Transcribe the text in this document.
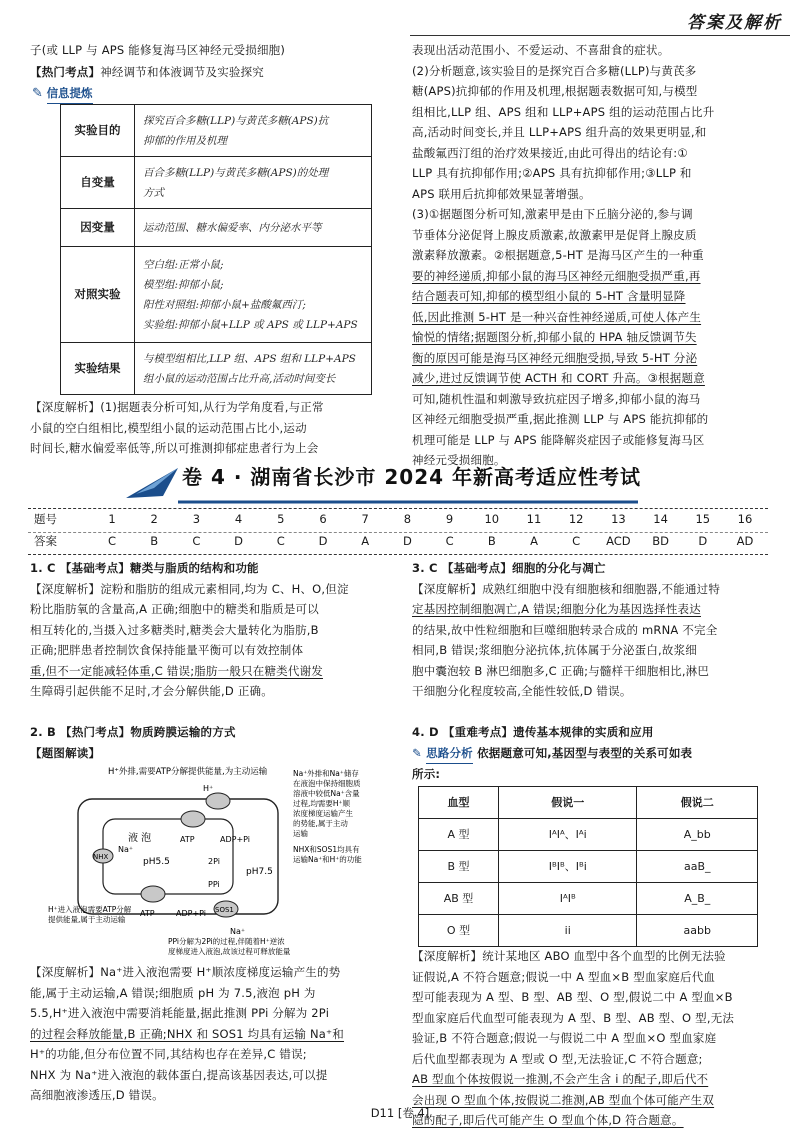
答案及解析
子(或 LLP 与 APS 能修复海马区神经元受损细胞)
【热门考点】神经调节和体液调节及实验探究
✎ 信息提炼
实验目的	探究百合多糖(LLP)与黄芪多糖(APS)抗
抑郁的作用及机理
自变量	百合多糖(LLP)与黄芪多糖(APS)的处理
方式
因变量	运动范围、糖水偏爱率、内分泌水平等
对照实验	空白组:正常小鼠;
模型组:抑郁小鼠;
阳性对照组:抑郁小鼠+盐酸氟西汀;
实验组:抑郁小鼠+LLP 或 APS 或 LLP+APS
实验结果	与模型组相比,LLP 组、APS 组和 LLP+APS
组小鼠的运动范围占比升高,活动时间变长
【深度解析】(1)据题表分析可知,从行为学角度看,与正常
小鼠的空白组相比,模型组小鼠的运动范围占比小,运动
时间长,糖水偏爱率低等,所以可推测抑郁症患者行为上会
表现出活动范围小、不爱运动、不喜甜食的症状。
(2)分析题意,该实验目的是探究百合多糖(LLP)与黄芪多
糖(APS)抗抑郁的作用及机理,根据题表数据可知,与模型
组相比,LLP 组、APS 组和 LLP+APS 组的运动范围占比升
高,活动时间变长,并且 LLP+APS 组升高的效果更明显,和
盐酸氟西汀组的治疗效果接近,由此可得出的结论有:①
LLP 具有抗抑郁作用;②APS 具有抗抑郁作用;③LLP 和
APS 联用后抗抑郁效果显著增强。
(3)①据题图分析可知,激素甲是由下丘脑分泌的,参与调
节垂体分泌促肾上腺皮质激素,故激素甲是促肾上腺皮质
激素释放激素。②根据题意,5-HT 是海马区产生的一种重
要的神经递质,抑郁小鼠的海马区神经元细胞受损严重,再
结合题表可知,抑郁的模型组小鼠的 5-HT 含量明显降
低,因此推测 5-HT 是一种兴奋性神经递质,可使人体产生
愉悦的情绪;据题图分析,抑郁小鼠的 HPA 轴反馈调节失
衡的原因可能是海马区神经元细胞受损,导致 5-HT 分泌
减少,进过反馈调节使 ACTH 和 CORT 升高。③根据题意
可知,随机性温和刺激导致抗症因子增多,抑郁小鼠的海马
区神经元细胞受损严重,据此推测 LLP 与 APS 能抗抑郁的
机理可能是 LLP 与 APS 能降解炎症因子或能修复海马区
神经元受损细胞。
卷 4 · 湖南省长沙市 2024 年新高考适应性考试
题号	1	2	3	4	5	6	7	8	9	10	11	12	13	14	15	16
答案	C	B	C	D	C	D	A	D	C	B	A	C	ACD	BD	D	AD
1. C 【基础考点】糖类与脂质的结构和功能
【深度解析】淀粉和脂肪的组成元素相同,均为 C、H、O,但淀
粉比脂肪氧的含量高,A 正确;细胞中的糖类和脂质是可以
相互转化的,当摄入过多糖类时,糖类会大量转化为脂肪,B
正确;肥胖患者控制饮食保持能量平衡可以有效控制体
重,但不一定能减轻体重,C 错误;脂肪一般只在糖类代谢发
生障碍引起供能不足时,才会分解供能,D 正确。
2. B 【热门考点】物质跨膜运输的方式
【题图解读】
H⁺外排,需要ATP分解提供能量,为主动运输
液 泡
pH5.5
pH7.5
NHX
SOS1
H⁺
ATP	ADP+Pi
ATP	ADP+Pi
2Pi
PPi
Na⁺
Na⁺
Na⁺外排和Na⁺储存
在液泡中保持细胞质
溶液中较低Na⁺含量
过程,均需要H⁺顺
浓度梯度运输产生
的势能,属于主动
运输
NHX和SOS1均具有
运输Na⁺和H⁺的功能
H⁺进入液泡需要ATP分解
提供能量,属于主动运输
PPi分解为2Pi的过程,伴随着H⁺逆浓
度梯度进入液泡,故该过程可释放能量
【深度解析】Na⁺进入液泡需要 H⁺顺浓度梯度运输产生的势
能,属于主动运输,A 错误;细胞质 pH 为 7.5,液泡 pH 为
5.5,H⁺进入液泡中需要消耗能量,据此推测 PPi 分解为 2Pi
的过程会释放能量,B 正确;NHX 和 SOS1 均具有运输 Na⁺和
H⁺的功能,但分布位置不同,其结构也存在差异,C 错误;
NHX 为 Na⁺进入液泡的载体蛋白,提高该基因表达,可以提
高细胞液渗透压,D 错误。
3. C 【基础考点】细胞的分化与凋亡
【深度解析】成熟红细胞中没有细胞核和细胞器,不能通过特
定基因控制细胞凋亡,A 错误;细胞分化为基因选择性表达
的结果,故中性粒细胞和巨噬细胞转录合成的 mRNA 不完全
相同,B 错误;浆细胞分泌抗体,抗体属于分泌蛋白,故浆细
胞中囊泡较 B 淋巴细胞多,C 正确;与髓样干细胞相比,淋巴
干细胞分化程度较高,全能性较低,D 错误。
4. D 【重难考点】遗传基本规律的实质和应用
✎ 思路分析 依据题意可知,基因型与表型的关系可如表
所示:
血型	假说一	假说二
A 型	IᴬIᴬ、Iᴬi	A_bb
B 型	IᴮIᴮ、Iᴮi	aaB_
AB 型	IᴬIᴮ	A_B_
O 型	ii	aabb
【深度解析】统计某地区 ABO 血型中各个血型的比例无法验
证假说,A 不符合题意;假说一中 A 型血×B 型血家庭后代血
型可能表现为 A 型、B 型、AB 型、O 型,假说二中 A 型血×B
型血家庭后代血型可能表现为 A 型、B 型、AB 型、O 型,无法
验证,B 不符合题意;假说一与假说二中 A 型血×O 型血家庭
后代血型都表现为 A 型或 O 型,无法验证,C 不符合题意;
AB 型血个体按假说一推测,不会产生含 i 的配子,即后代不
会出现 O 型血个体,按假说二推测,AB 型血个体可能产生双
隐的配子,即后代可能产生 O 型血个体,D 符合题意。
D11 [卷 4]
